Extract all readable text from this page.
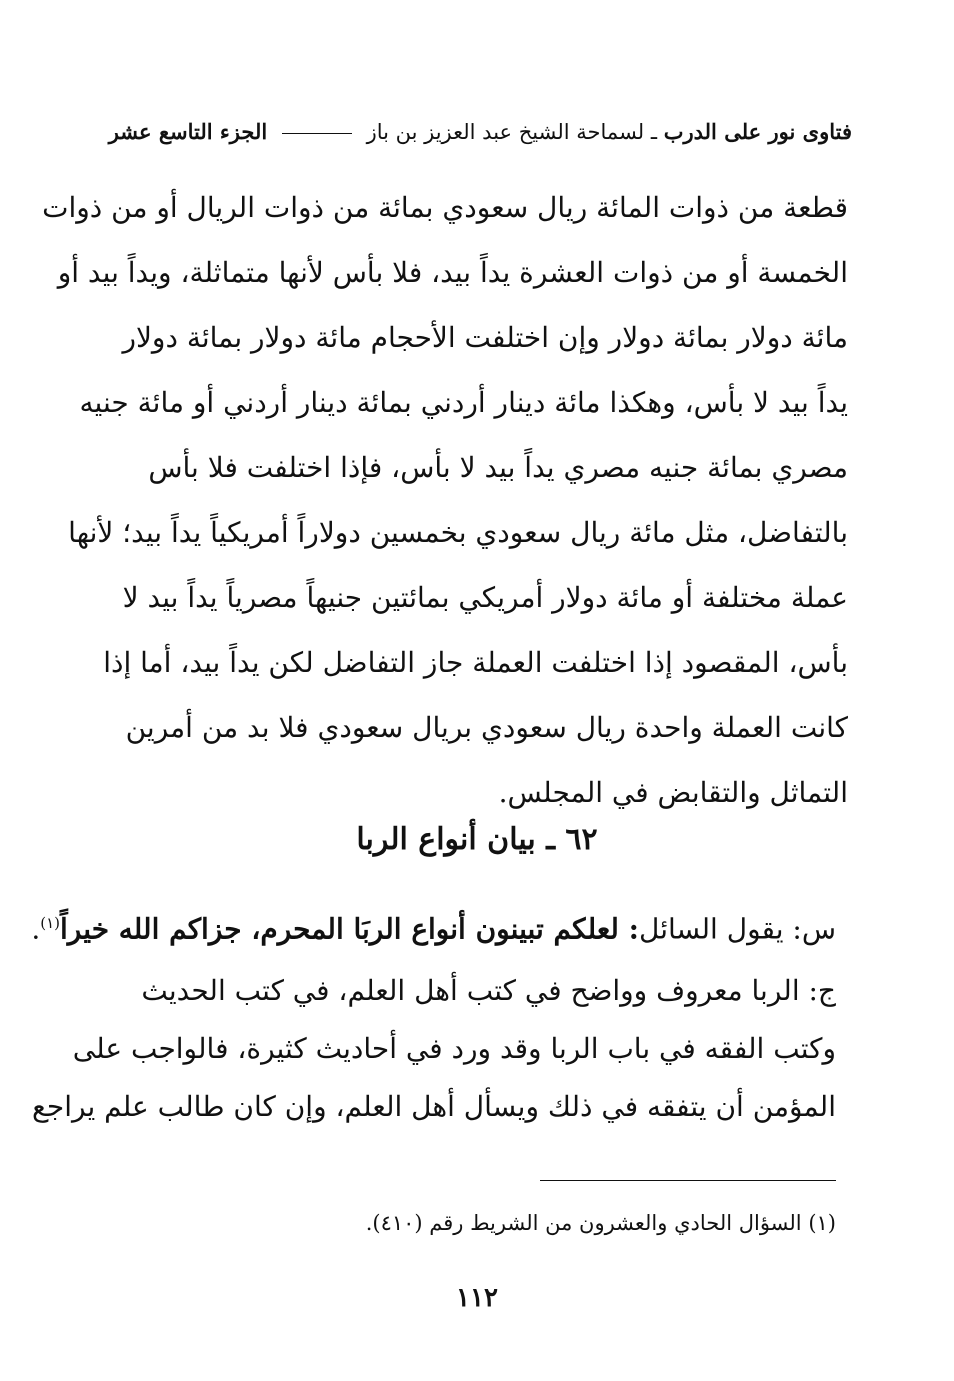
فتاوى نور على الدرب ـ لسماحة الشيخ عبد العزيز بن باز  الجزء التاسع عشر
قطعة من ذوات المائة ريال سعودي بمائة من ذوات الريال أو من ذوات
الخمسة أو من ذوات العشرة يداً بيد، فلا بأس لأنها متماثلة، ويداً بيد أو
مائة دولار بمائة دولار وإن اختلفت الأحجام مائة دولار بمائة دولار
يداً بيد لا بأس، وهكذا مائة دينار أردني بمائة دينار أردني أو مائة جنيه
مصري بمائة جنيه مصري يداً بيد لا بأس، فإذا اختلفت فلا بأس
بالتفاضل، مثل مائة ريال سعودي بخمسين دولاراً أمريكياً يداً بيد؛ لأنها
عملة مختلفة أو مائة دولار أمريكي بمائتين جنيهاً مصرياً يداً بيد لا
بأس، المقصود إذا اختلفت العملة جاز التفاضل لكن يداً بيد، أما إذا
كانت العملة واحدة ريال سعودي بريال سعودي فلا بد من أمرين
التماثل والتقابض في المجلس.
٦٢ ـ بيان أنواع الربا
س: يقول السائل: لعلكم تبينون أنواع الربَا المحرم، جزاكم الله خيراً$^{(١)}$.
ج: الربا معروف وواضح في كتب أهل العلم، في كتب الحديث
وكتب الفقه في باب الربا وقد ورد في أحاديث كثيرة، فالواجب على
المؤمن أن يتفقه في ذلك ويسأل أهل العلم، وإن كان طالب علم يراجع
(١) السؤال الحادي والعشرون من الشريط رقم (٤١٠).
١١٢
